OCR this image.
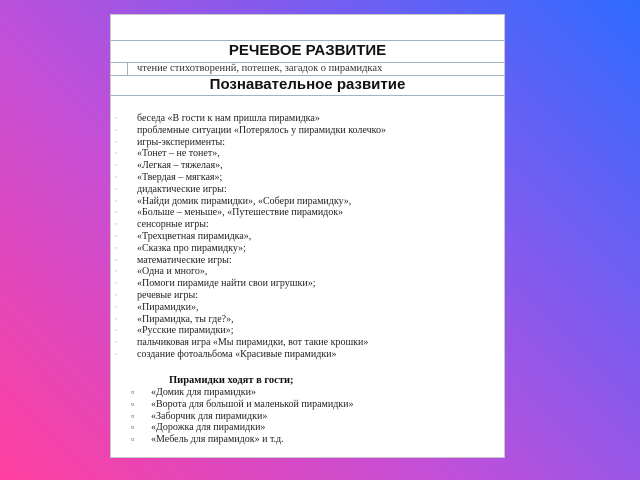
РЕЧЕВОЕ РАЗВИТИЕ
чтение стихотворений, потешек, загадок о пирамидках
Познавательное развитие
◦ беседа «В гости к нам пришла пирамидка»
◦ проблемные ситуации «Потерялось у пирамидки колечко»
◦ игры-эксперименты:
◦ «Тонет – не тонет»,
◦ «Легкая – тяжелая»,
◦ «Твердая – мягкая»;
◦ дидактические игры:
◦ «Найди домик пирамидки», «Собери пирамидку»,
◦ «Больше – меньше», «Путешествие пирамидок»
◦ сенсорные игры:
◦ «Трехцветная пирамидка»,
◦ «Сказка про пирамидку»;
◦ математические игры:
◦ «Одна и много»,
◦ «Помоги пирамиде найти свои игрушки»;
◦ речевые игры:
◦ «Пирамидки»,
◦ «Пирамидка, ты где?»,
◦ «Русские пирамидки»;
◦ пальчиковая игра «Мы пирамидки, вот такие крошки»
◦ создание фотоальбома «Красивые пирамидки»
Пирамидки ходят в гости;
▫ «Домик для пирамидки»
▫ «Ворота для большой и маленькой пирамидки»
▫ «Заборчик для пирамидки»
▫ «Дорожка для пирамидки»
▫ «Мебель для пирамидок» и т.д.
